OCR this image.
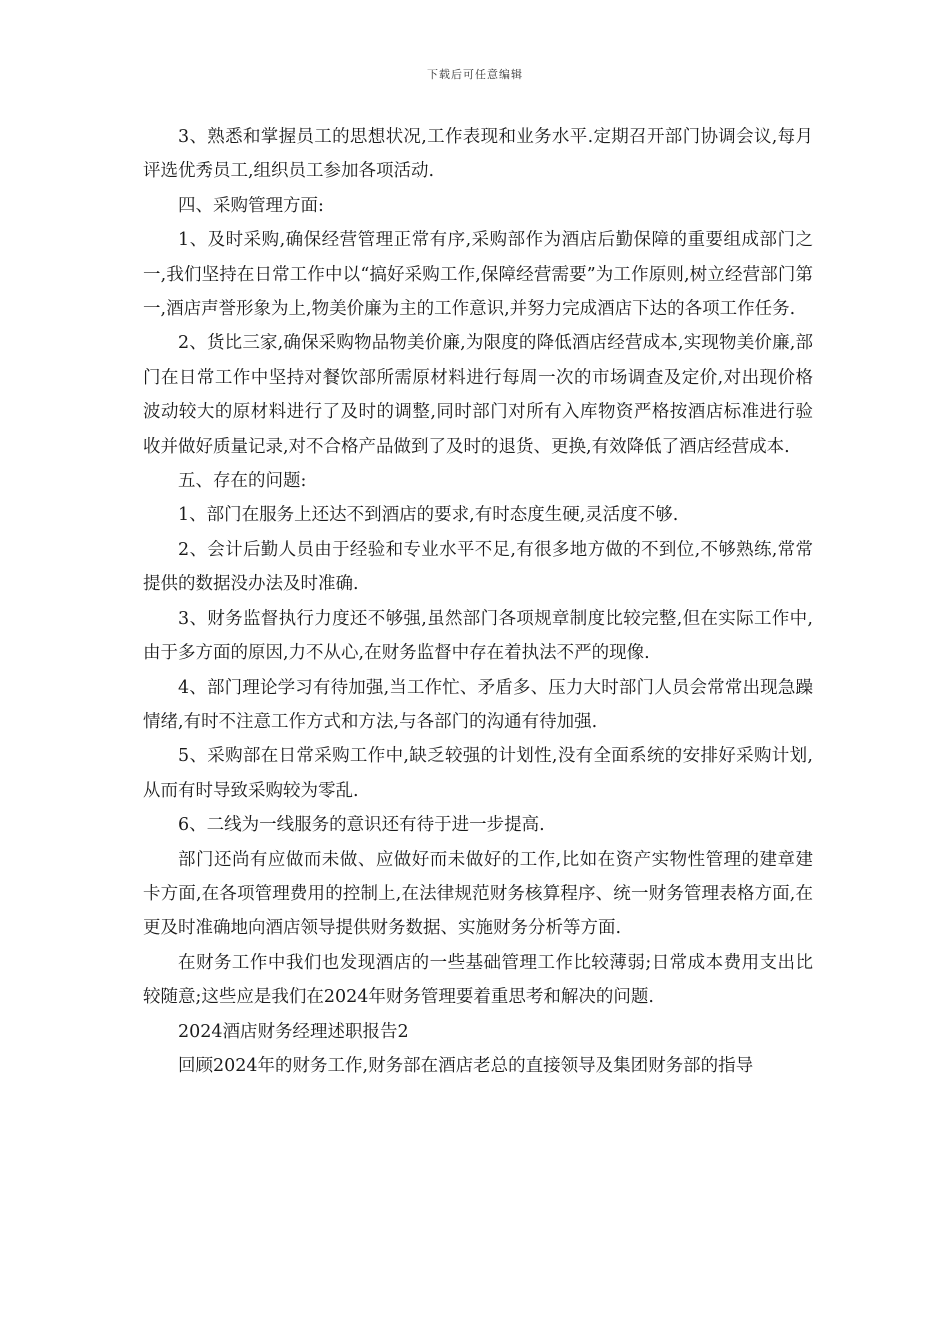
下载后可任意编辑

3、熟悉和掌握员工的思想状况,工作表现和业务水平.定期召开部门协调会议,每月评选优秀员工,组织员工参加各项活动.

四、采购管理方面:

1、及时采购,确保经营管理正常有序,采购部作为酒店后勤保障的重要组成部门之一,我们坚持在日常工作中以“搞好采购工作,保障经营需要”为工作原则,树立经营部门第一,酒店声誉形象为上,物美价廉为主的工作意识,并努力完成酒店下达的各项工作任务.

2、货比三家,确保采购物品物美价廉,为限度的降低酒店经营成本,实现物美价廉,部门在日常工作中坚持对餐饮部所需原材料进行每周一次的市场调查及定价,对出现价格波动较大的原材料进行了及时的调整,同时部门对所有入库物资严格按酒店标准进行验收并做好质量记录,对不合格产品做到了及时的退货、更换,有效降低了酒店经营成本.

五、存在的问题:

1、部门在服务上还达不到酒店的要求,有时态度生硬,灵活度不够.

2、会计后勤人员由于经验和专业水平不足,有很多地方做的不到位,不够熟练,常常提供的数据没办法及时准确.

3、财务监督执行力度还不够强,虽然部门各项规章制度比较完整,但在实际工作中,由于多方面的原因,力不从心,在财务监督中存在着执法不严的现像.

4、部门理论学习有待加强,当工作忙、矛盾多、压力大时部门人员会常常出现急躁情绪,有时不注意工作方式和方法,与各部门的沟通有待加强.

5、采购部在日常采购工作中,缺乏较强的计划性,没有全面系统的安排好采购计划,从而有时导致采购较为零乱.

6、二线为一线服务的意识还有待于进一步提高.

部门还尚有应做而未做、应做好而未做好的工作,比如在资产实物性管理的建章建卡方面,在各项管理费用的控制上,在法律规范财务核算程序、统一财务管理表格方面,在更及时准确地向酒店领导提供财务数据、实施财务分析等方面.

在财务工作中我们也发现酒店的一些基础管理工作比较薄弱;日常成本费用支出比较随意;这些应是我们在2024年财务管理要着重思考和解决的问题.

2024酒店财务经理述职报告2

回顾2024年的财务工作,财务部在酒店老总的直接领导及集团财务部的指导
